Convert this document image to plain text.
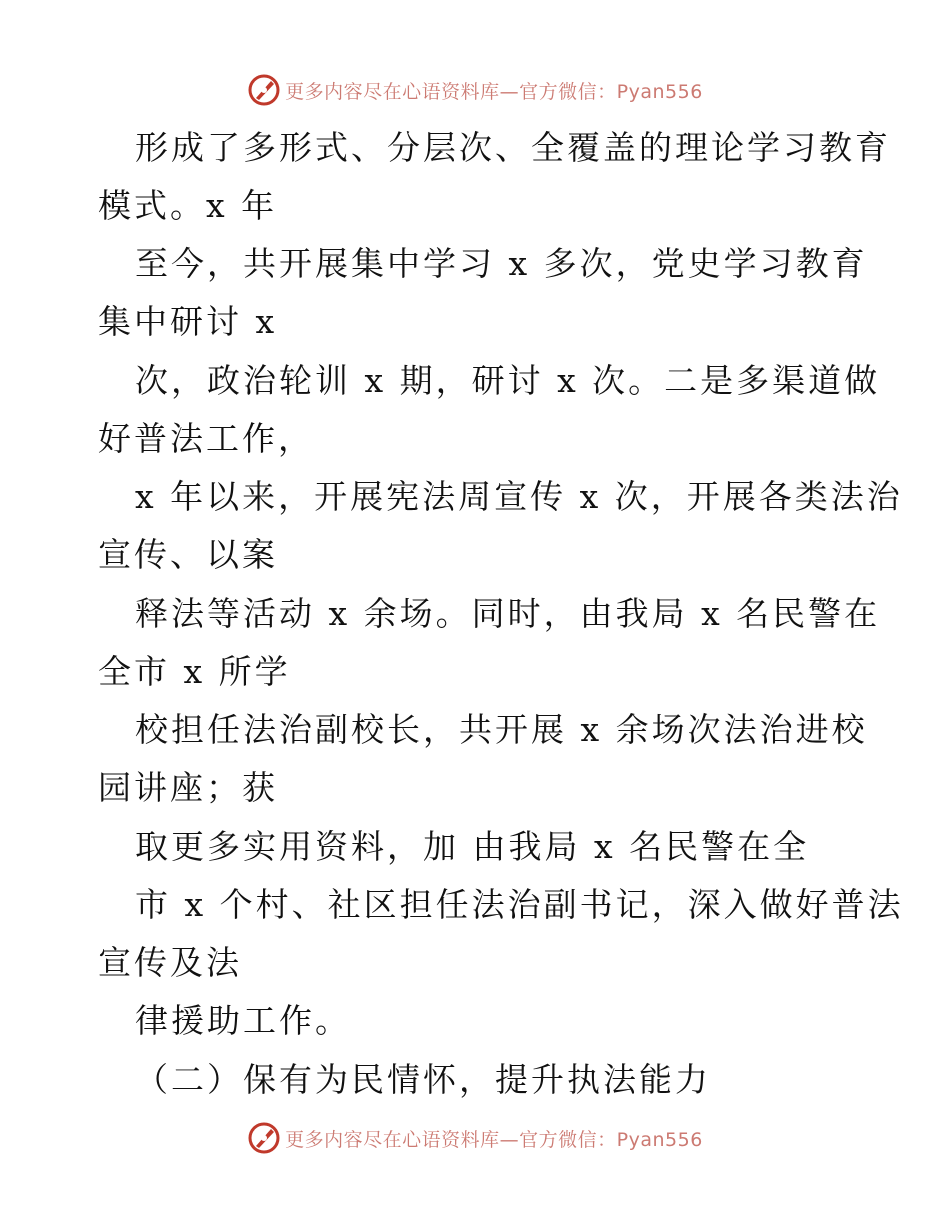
更多内容尽在心语资料库—官方微信：Pyan556
形成了多形式、分层次、全覆盖的理论学习教育
模式。x 年
至今，共开展集中学习 x 多次，党史学习教育
集中研讨 x
次，政治轮训 x 期，研讨 x 次。二是多渠道做
好普法工作，
x 年以来，开展宪法周宣传 x 次，开展各类法治
宣传、以案
释法等活动 x 余场。同时，由我局 x 名民警在
全市 x 所学
校担任法治副校长，共开展 x 余场次法治进校
园讲座；获
取更多实用资料，加 由我局 x 名民警在全
市 x 个村、社区担任法治副书记，深入做好普法
宣传及法
律援助工作。
（二）保有为民情怀，提升执法能力
更多内容尽在心语资料库—官方微信：Pyan556
